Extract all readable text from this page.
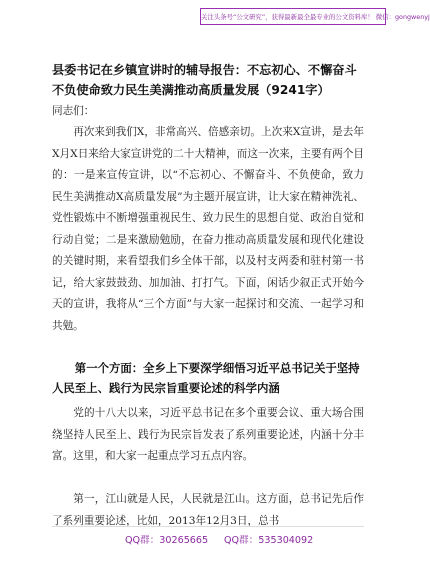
关注头条号“公文研究”，获得最新最全最专业的公文资料库！ 微信：gongwenyj
县委书记在乡镇宣讲时的辅导报告：不忘初心、不懈奋斗不负使命致力民生美满推动高质量发展（9241字）
同志们：
再次来到我们X，非常高兴、倍感亲切。上次来X宣讲，是去年X月X日来给大家宣讲党的二十大精神，而这一次来，主要有两个目的：一是来宣传宣讲，以“不忘初心、不懈奋斗、不负使命，致力民生美满推动X高质量发展”为主题开展宣讲，让大家在精神洗礼、党性锻炼中不断增强重视民生、致力民生的思想自觉、政治自觉和行动自觉；二是来激励勉励，在奋力推动高质量发展和现代化建设的关键时期，来看望我们乡全体干部，以及村支两委和驻村第一书记，给大家鼓鼓劲、加加油、打打气。下面，闲话少叙正式开始今天的宣讲，我将从“三个方面”与大家一起探讨和交流、一起学习和共勉。
第一个方面：全乡上下要深学细悟习近平总书记关于坚持人民至上、践行为民宗旨重要论述的科学内涵
党的十八大以来，习近平总书记在多个重要会议、重大场合围绕坚持人民至上、践行为民宗旨发表了系列重要论述，内涵十分丰富。这里，和大家一起重点学习五点内容。
第一，江山就是人民，人民就是江山。这方面，总书记先后作了系列重要论述，比如，2013年12月3日，总书
QQ群：30265665 QQ群：535304092
